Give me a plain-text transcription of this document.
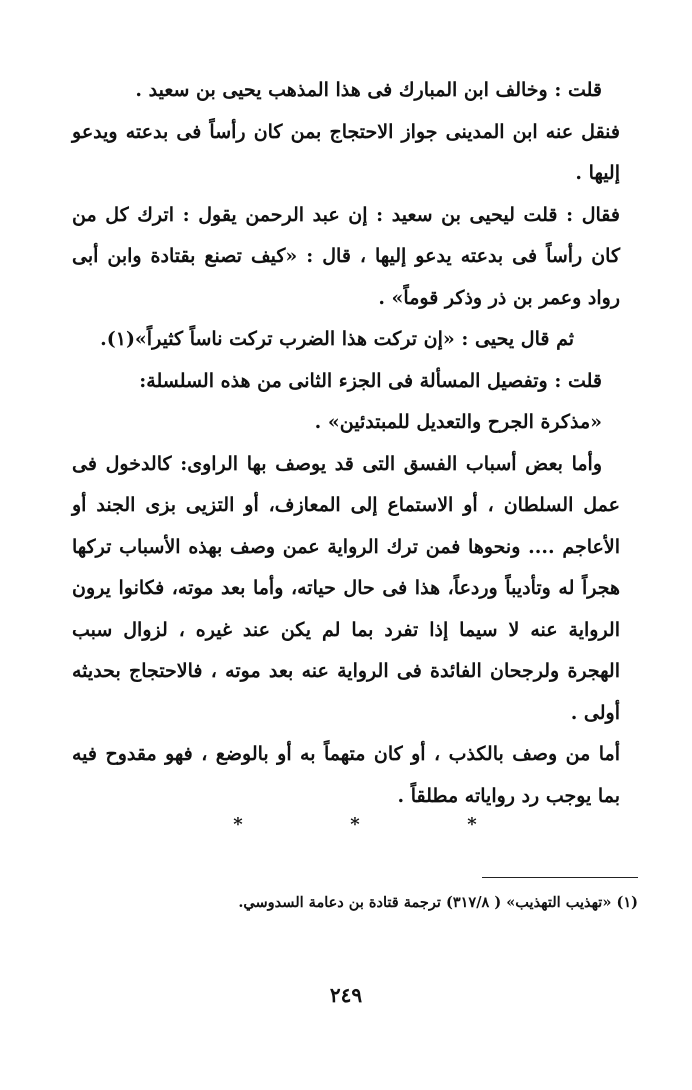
قلت : وخالف ابن المبارك فى هذا المذهب يحيى بن سعيد .

فنقل عنه ابن المدينى جواز الاحتجاج بمن كان رأساً فى بدعته ويدعو إليها .

فقال : قلت ليحيى بن سعيد : إن عبد الرحمن يقول : اترك كل من كان رأساً فى بدعته يدعو إليها ، قال : «كيف تصنع بقتادة وابن أبى رواد وعمر بن ذر وذكر قوماً» .

ثم قال يحيى : «إن تركت هذا الضرب تركت ناساً كثيراً»(١).

قلت : وتفصيل المسألة فى الجزء الثانى من هذه السلسلة:

«مذكرة الجرح والتعديل للمبتدئين» .

وأما بعض أسباب الفسق التى قد يوصف بها الراوى: كالدخول فى عمل السلطان ، أو الاستماع إلى المعازف، أو التزيى بزى الجند أو الأعاجم .... ونحوها فمن ترك الرواية عمن وصف بهذه الأسباب تركها هجراً له وتأديباً وردعاً، هذا فى حال حياته، وأما بعد موته، فكانوا يرون الرواية عنه لا سيما إذا تفرد بما لم يكن عند غيره ، لزوال سبب الهجرة ولرجحان الفائدة فى الرواية عنه بعد موته ، فالاحتجاج بحديثه أولى .

أما من وصف بالكذب ، أو كان متهماً به أو بالوضع ، فهو مقدوح فيه بما يوجب رد رواياته مطلقاً .

*	*	*
(١) «تهذيب التهذيب» ( ٣١٧/٨) ترجمة قتادة بن دعامة السدوسي.
٢٤٩
